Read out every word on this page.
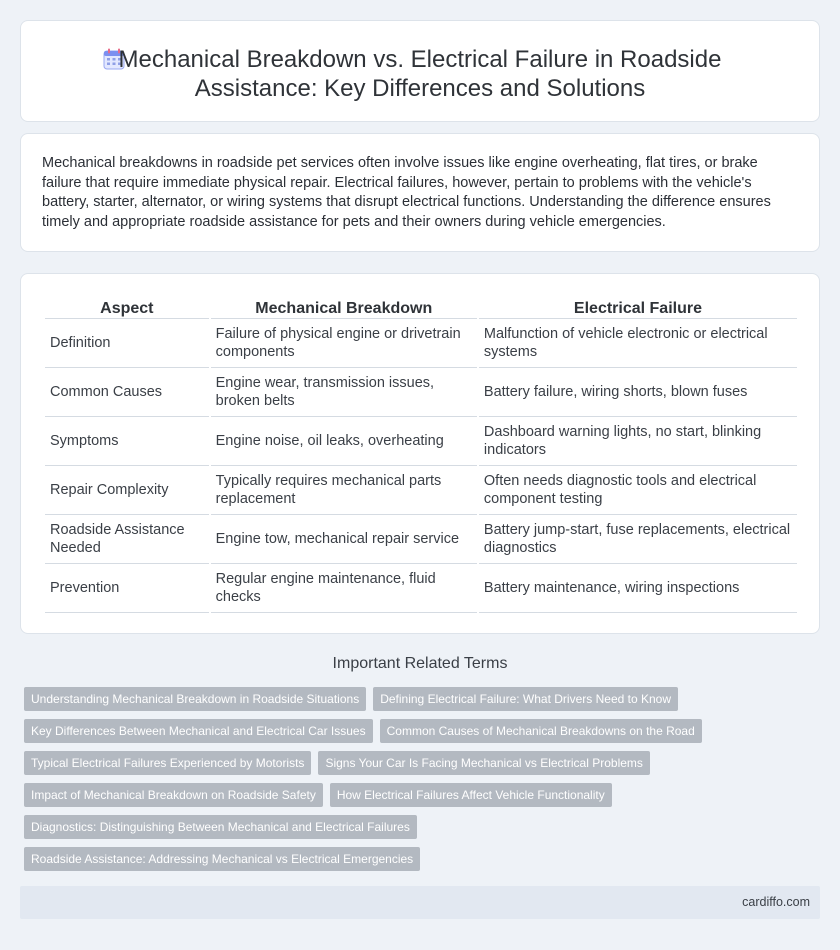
Mechanical Breakdown vs. Electrical Failure in Roadside
Assistance: Key Differences and Solutions

Mechanical breakdowns in roadside pet services often involve issues like engine overheating, flat tires, or brake failure that require immediate physical repair. Electrical failures, however, pertain to problems with the vehicle's battery, starter, alternator, or wiring systems that disrupt electrical functions. Understanding the difference ensures timely and appropriate roadside assistance for pets and their owners during vehicle emergencies.

Aspect	Mechanical Breakdown	Electrical Failure
Definition	Failure of physical engine or drivetrain components	Malfunction of vehicle electronic or electrical systems
Common Causes	Engine wear, transmission issues, broken belts	Battery failure, wiring shorts, blown fuses
Symptoms	Engine noise, oil leaks, overheating	Dashboard warning lights, no start, blinking indicators
Repair Complexity	Typically requires mechanical parts replacement	Often needs diagnostic tools and electrical component testing
Roadside Assistance Needed	Engine tow, mechanical repair service	Battery jump-start, fuse replacements, electrical diagnostics
Prevention	Regular engine maintenance, fluid checks	Battery maintenance, wiring inspections
Important Related Terms
Understanding Mechanical Breakdown in Roadside Situations	Defining Electrical Failure: What Drivers Need to Know
Key Differences Between Mechanical and Electrical Car Issues	Common Causes of Mechanical Breakdowns on the Road
Typical Electrical Failures Experienced by Motorists	Signs Your Car Is Facing Mechanical vs Electrical Problems
Impact of Mechanical Breakdown on Roadside Safety	How Electrical Failures Affect Vehicle Functionality
Diagnostics: Distinguishing Between Mechanical and Electrical Failures
Roadside Assistance: Addressing Mechanical vs Electrical Emergencies
cardiffo.com
